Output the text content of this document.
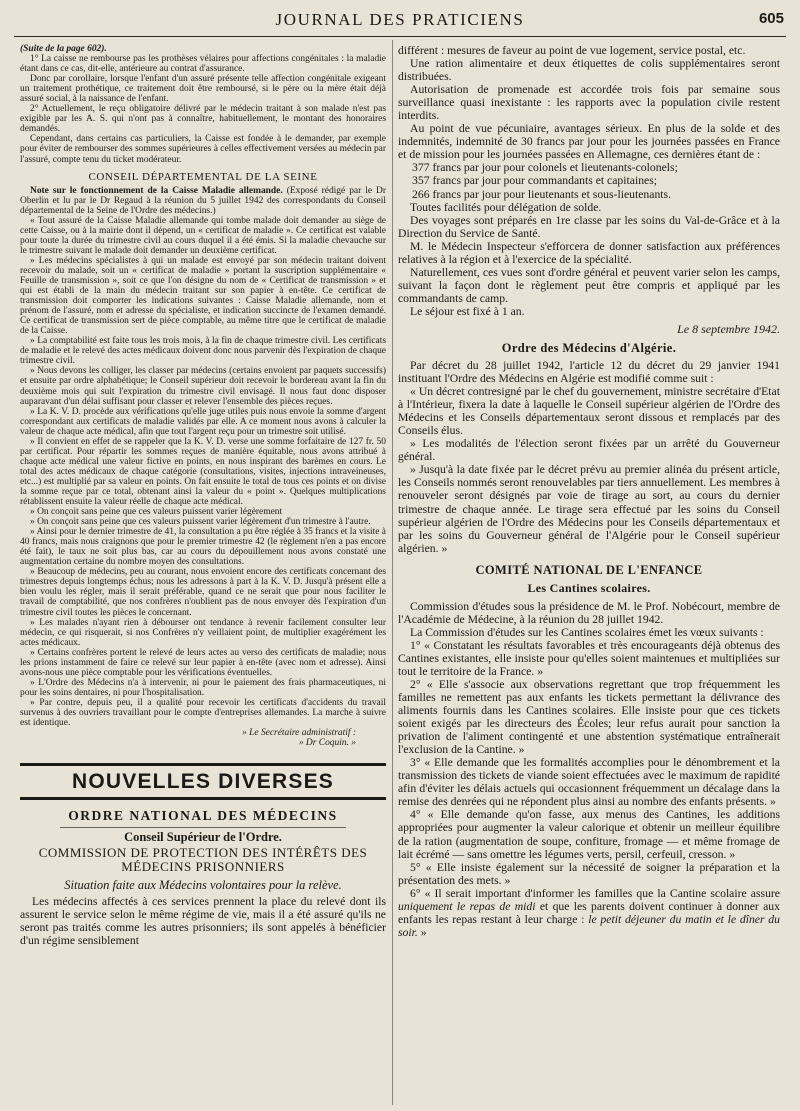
JOURNAL DES PRATICIENS	605

(Suite de la page 602).

1° La caisse ne rembourse pas les prothèses vélaires pour affections congénitales : la maladie étant dans ce cas, dit-elle, antérieure au contrat d'assurance.

Donc par corollaire, lorsque l'enfant d'un assuré présente telle affection congénitale exigeant un traitement prothétique, ce traitement doit être remboursé, si le père ou la mère était déjà assuré social, à la naissance de l'enfant.

2° Actuellement, le reçu obligatoire délivré par le médecin traitant à son malade n'est pas exigible par les A. S. qui n'ont pas à connaître, habituellement, le montant des honoraires demandés.

Cependant, dans certains cas particuliers, la Caisse est fondée à le demander, par exemple pour éviter de rembourser des sommes supérieures à celles effectivement versées au médecin par l'assuré, compte tenu du ticket modérateur.

CONSEIL DÉPARTEMENTAL DE LA SEINE

Note sur le fonctionnement de la Caisse Maladie allemande. (Exposé rédigé par le Dr Oberlin et lu par le Dr Regaud à la réunion du 5 juillet 1942 des correspondants du Conseil départemental de la Seine de l'Ordre des médecins.)

« Tout assuré de la Caisse Maladie allemande qui tombe malade doit demander au siège de cette Caisse, ou à la mairie dont il dépend, un « certificat de maladie ». Ce certificat est valable pour toute la durée du trimestre civil au cours duquel il a été émis. Si la maladie chevauche sur le trimestre suivant le malade doit demander un deuxième certificat.

» Les médecins spécialistes à qui un malade est envoyé par son médecin traitant doivent recevoir du malade, soit un « certificat de maladie » portant la suscription supplémentaire « Feuille de transmission », soit ce que l'on désigne du nom de « Certificat de transmission » et qui est établi de la main du médecin traitant sur son papier à en-tête. Ce certificat de transmission doit comporter les indications suivantes : Caisse Maladie allemande, nom et prénom de l'assuré, nom et adresse du spécialiste, et indication succincte de l'examen demandé. Ce certificat de transmission sert de pièce comptable, au même titre que le certificat de maladie de la Caisse.

» La comptabilité est faite tous les trois mois, à la fin de chaque trimestre civil. Les certificats de maladie et le relevé des actes médicaux doivent donc nous parvenir dès l'expiration de chaque trimestre civil.

» Nous devons les colliger, les classer par médecins (certains envoient par paquets successifs) et ensuite par ordre alphabétique; le Conseil supérieur doit recevoir le bordereau avant la fin du deuxième mois qui suit l'expiration du trimestre civil envisagé. Il nous faut donc disposer auparavant d'un délai suffisant pour classer et relever l'ensemble des pièces reçues.

» La K. V. D. procède aux vérifications qu'elle juge utiles puis nous envoie la somme d'argent correspondant aux certificats de maladie validés par elle. A ce moment nous avons à calculer la valeur de chaque acte médical, afin que tout l'argent reçu pour un trimestre soit utilisé.

» Il convient en effet de se rappeler que la K. V. D. verse une somme forfaitaire de 127 fr. 50 par certificat. Pour répartir les sommes reçues de manière équitable, nous avons attribué à chaque acte médical une valeur fictive en points, en nous inspirant des barèmes en cours. Le total des actes médicaux de chaque catégorie (consultations, visites, injections intraveineuses, etc...) est multiplié par sa valeur en points. On fait ensuite le total de tous ces points et on divise la somme reçue par ce total, obtenant ainsi la valeur du « point ». Quelques multiplications rétablissent ensuite la valeur réelle de chaque acte médical.

» On conçoit sans peine que ces valeurs puissent varier légèrement

» On conçoit sans peine que ces valeurs puissent varier légèrement d'un trimestre à l'autre.

» Ainsi pour le dernier trimestre de 41, la consultation a pu être réglée à 35 francs et la visite à 40 francs, mais nous craignons que pour le premier trimestre 42 (le règlement n'en a pas encore été fait), le taux ne soit plus bas, car au cours du dépouillement nous avons constaté une augmentation certaine du nombre moyen des consultations.

» Beaucoup de médecins, peu au courant, nous envoient encore des certificats concernant des trimestres depuis longtemps échus; nous les adressons à part à la K. V. D. Jusqu'à présent elle a bien voulu les régler, mais il serait préférable, quand ce ne serait que pour nous faciliter le travail de comptabilité, que nos confrères n'oublient pas de nous envoyer dès l'expiration d'un trimestre civil toutes les pièces le concernant.

» Les malades n'ayant rien à débourser ont tendance à revenir facilement consulter leur médecin, ce qui risquerait, si nos Confrères n'y veillaient point, de multiplier exagérément les actes médicaux.

» Certains confrères portent le relevé de leurs actes au verso des certificats de maladie; nous les prions instamment de faire ce relevé sur leur papier à en-tête (avec nom et adresse). Ainsi avons-nous une pièce comptable pour les vérifications éventuelles.

» L'Ordre des Médecins n'a à intervenir, ni pour le paiement des frais pharmaceutiques, ni pour les soins dentaires, ni pour l'hospitalisation.

» Par contre, depuis peu, il a qualité pour recevoir les certificats d'accidents du travail survenus à des ouvriers travaillant pour le compte d'entreprises allemandes. La marche à suivre est identique.

» Le Secrétaire administratif :
» Dr Coquin. »
NOUVELLES DIVERSES
ORDRE NATIONAL DES MÉDECINS
Conseil Supérieur de l'Ordre.
COMMISSION DE PROTECTION DES INTÉRÊTS DES MÉDECINS PRISONNIERS
Situation faite aux Médecins volontaires pour la relève.

Les médecins affectés à ces services prennent la place du relevé dont ils assurent le service selon le même régime de vie, mais il a été assuré qu'ils ne seront pas traités comme les autres prisonniers; ils sont appelés à bénéficier d'un régime sensiblement

différent : mesures de faveur au point de vue logement, service postal, etc.

Une ration alimentaire et deux étiquettes de colis supplémentaires seront distribuées.

Autorisation de promenade est accordée trois fois par semaine sous surveillance quasi inexistante : les rapports avec la population civile restent interdits.

Au point de vue pécuniaire, avantages sérieux. En plus de la solde et des indemnités, indemnité de 30 francs par jour pour les journées passées en France et de mission pour les journées passées en Allemagne, ces dernières étant de :

377 francs par jour pour colonels et lieutenants-colonels;
357 francs par jour pour commandants et capitaines;
266 francs par jour pour lieutenants et sous-lieutenants.

Toutes facilités pour délégation de solde.

Des voyages sont préparés en 1re classe par les soins du Val-de-Grâce et à la Direction du Service de Santé.

M. le Médecin Inspecteur s'efforcera de donner satisfaction aux préférences relatives à la région et à l'exercice de la spécialité.

Naturellement, ces vues sont d'ordre général et peuvent varier selon les camps, suivant la façon dont le règlement peut être compris et appliqué par les commandants de camp.

Le séjour est fixé à 1 an.

Le 8 septembre 1942.
Ordre des Médecins d'Algérie.

Par décret du 28 juillet 1942, l'article 12 du décret du 29 janvier 1941 instituant l'Ordre des Médecins en Algérie est modifié comme suit :

« Un décret contresigné par le chef du gouvernement, ministre secrétaire d'Etat à l'Intérieur, fixera la date à laquelle le Conseil supérieur algérien de l'Ordre des Médecins et les Conseils départementaux seront dissous et remplacés par des Conseils élus.

» Les modalités de l'élection seront fixées par un arrêté du Gouverneur général.

» Jusqu'à la date fixée par le décret prévu au premier alinéa du présent article, les Conseils nommés seront renouvelables par tiers annuellement. Les membres à renouveler seront désignés par voie de tirage au sort, au cours du dernier trimestre de chaque année. Le tirage sera effectué par les soins du Conseil supérieur algérien de l'Ordre des Médecins pour les Conseils départementaux et par les soins du Gouverneur général de l'Algérie pour le Conseil supérieur algérien. »

COMITÉ NATIONAL DE L'ENFANCE
Les Cantines scolaires.

Commission d'études sous la présidence de M. le Prof. Nobécourt, membre de l'Académie de Médecine, à la réunion du 28 juillet 1942.

La Commission d'études sur les Cantines scolaires émet les vœux suivants :

1° « Constatant les résultats favorables et très encourageants déjà obtenus des Cantines existantes, elle insiste pour qu'elles soient maintenues et multipliées sur tout le territoire de la France. »

2° « Elle s'associe aux observations regrettant que trop fréquemment les familles ne remettent pas aux enfants les tickets permettant la délivrance des aliments fournis dans les Cantines scolaires. Elle insiste pour que ces tickets soient exigés par les directeurs des Écoles; leur refus aurait pour sanction la privation de l'aliment contingenté et une abstention systématique entraînerait l'exclusion de la Cantine. »

3° « Elle demande que les formalités accomplies pour le dénombrement et la transmission des tickets de viande soient effectuées avec le maximum de rapidité afin d'éviter les délais actuels qui occasionnent fréquemment un décalage dans la remise des denrées qui ne répondent plus ainsi au nombre des enfants présents. »

4° « Elle demande qu'on fasse, aux menus des Cantines, les additions appropriées pour augmenter la valeur calorique et obtenir un meilleur équilibre de la ration (augmentation de soupe, confiture, fromage — et même fromage de lait écrémé — sans omettre les légumes verts, persil, cerfeuil, cresson. »

5° « Elle insiste également sur la nécessité de soigner la préparation et la présentation des mets. »

6° « Il serait important d'informer les familles que la Cantine scolaire assure uniquement le repas de midi et que les parents doivent continuer à donner aux enfants les repas restant à leur charge : le petit déjeuner du matin et le dîner du soir. »
